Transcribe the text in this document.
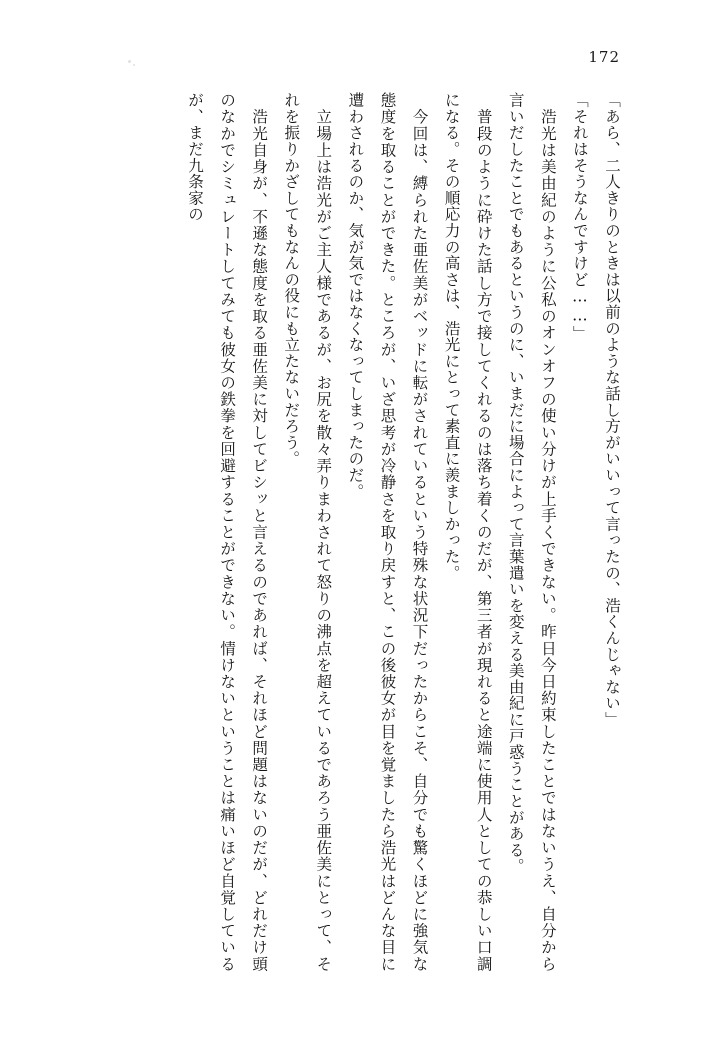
172

「あら、二人きりのときは以前のような話し方がいいって言ったの、浩くんじゃない」

「それはそうなんですけど……」

　浩光は美由紀のように公私のオンオフの使い分けが上手くできない。昨日今日約束したことではないうえ、自分から言いだしたことでもあるというのに、いまだに場合によって言葉遣いを変える美由紀に戸惑うことがある。

　普段のように砕けた話し方で接してくれるのは落ち着くのだが、第三者が現れると途端に使用人としての恭しい口調になる。その順応力の高さは、浩光にとって素直に羨ましかった。

　今回は、縛られた亜佐美がベッドに転がされているという特殊な状況下だったからこそ、自分でも驚くほどに強気な態度を取ることができた。ところが、いざ思考が冷静さを取り戻すと、この後彼女が目を覚ましたら浩光はどんな目に遭わされるのか、気が気ではなくなってしまったのだ。

　立場上は浩光がご主人様であるが、お尻を散々弄りまわされて怒りの沸点を超えているであろう亜佐美にとって、それを振りかざしてもなんの役にも立たないだろう。

　浩光自身が、不遜な態度を取る亜佐美に対してビシッと言えるのであれば、それほど問題はないのだが、どれだけ頭のなかでシミュレートしてみても彼女の鉄拳を回避することができない。情けないということは痛いほど自覚しているが、まだ九条家の
